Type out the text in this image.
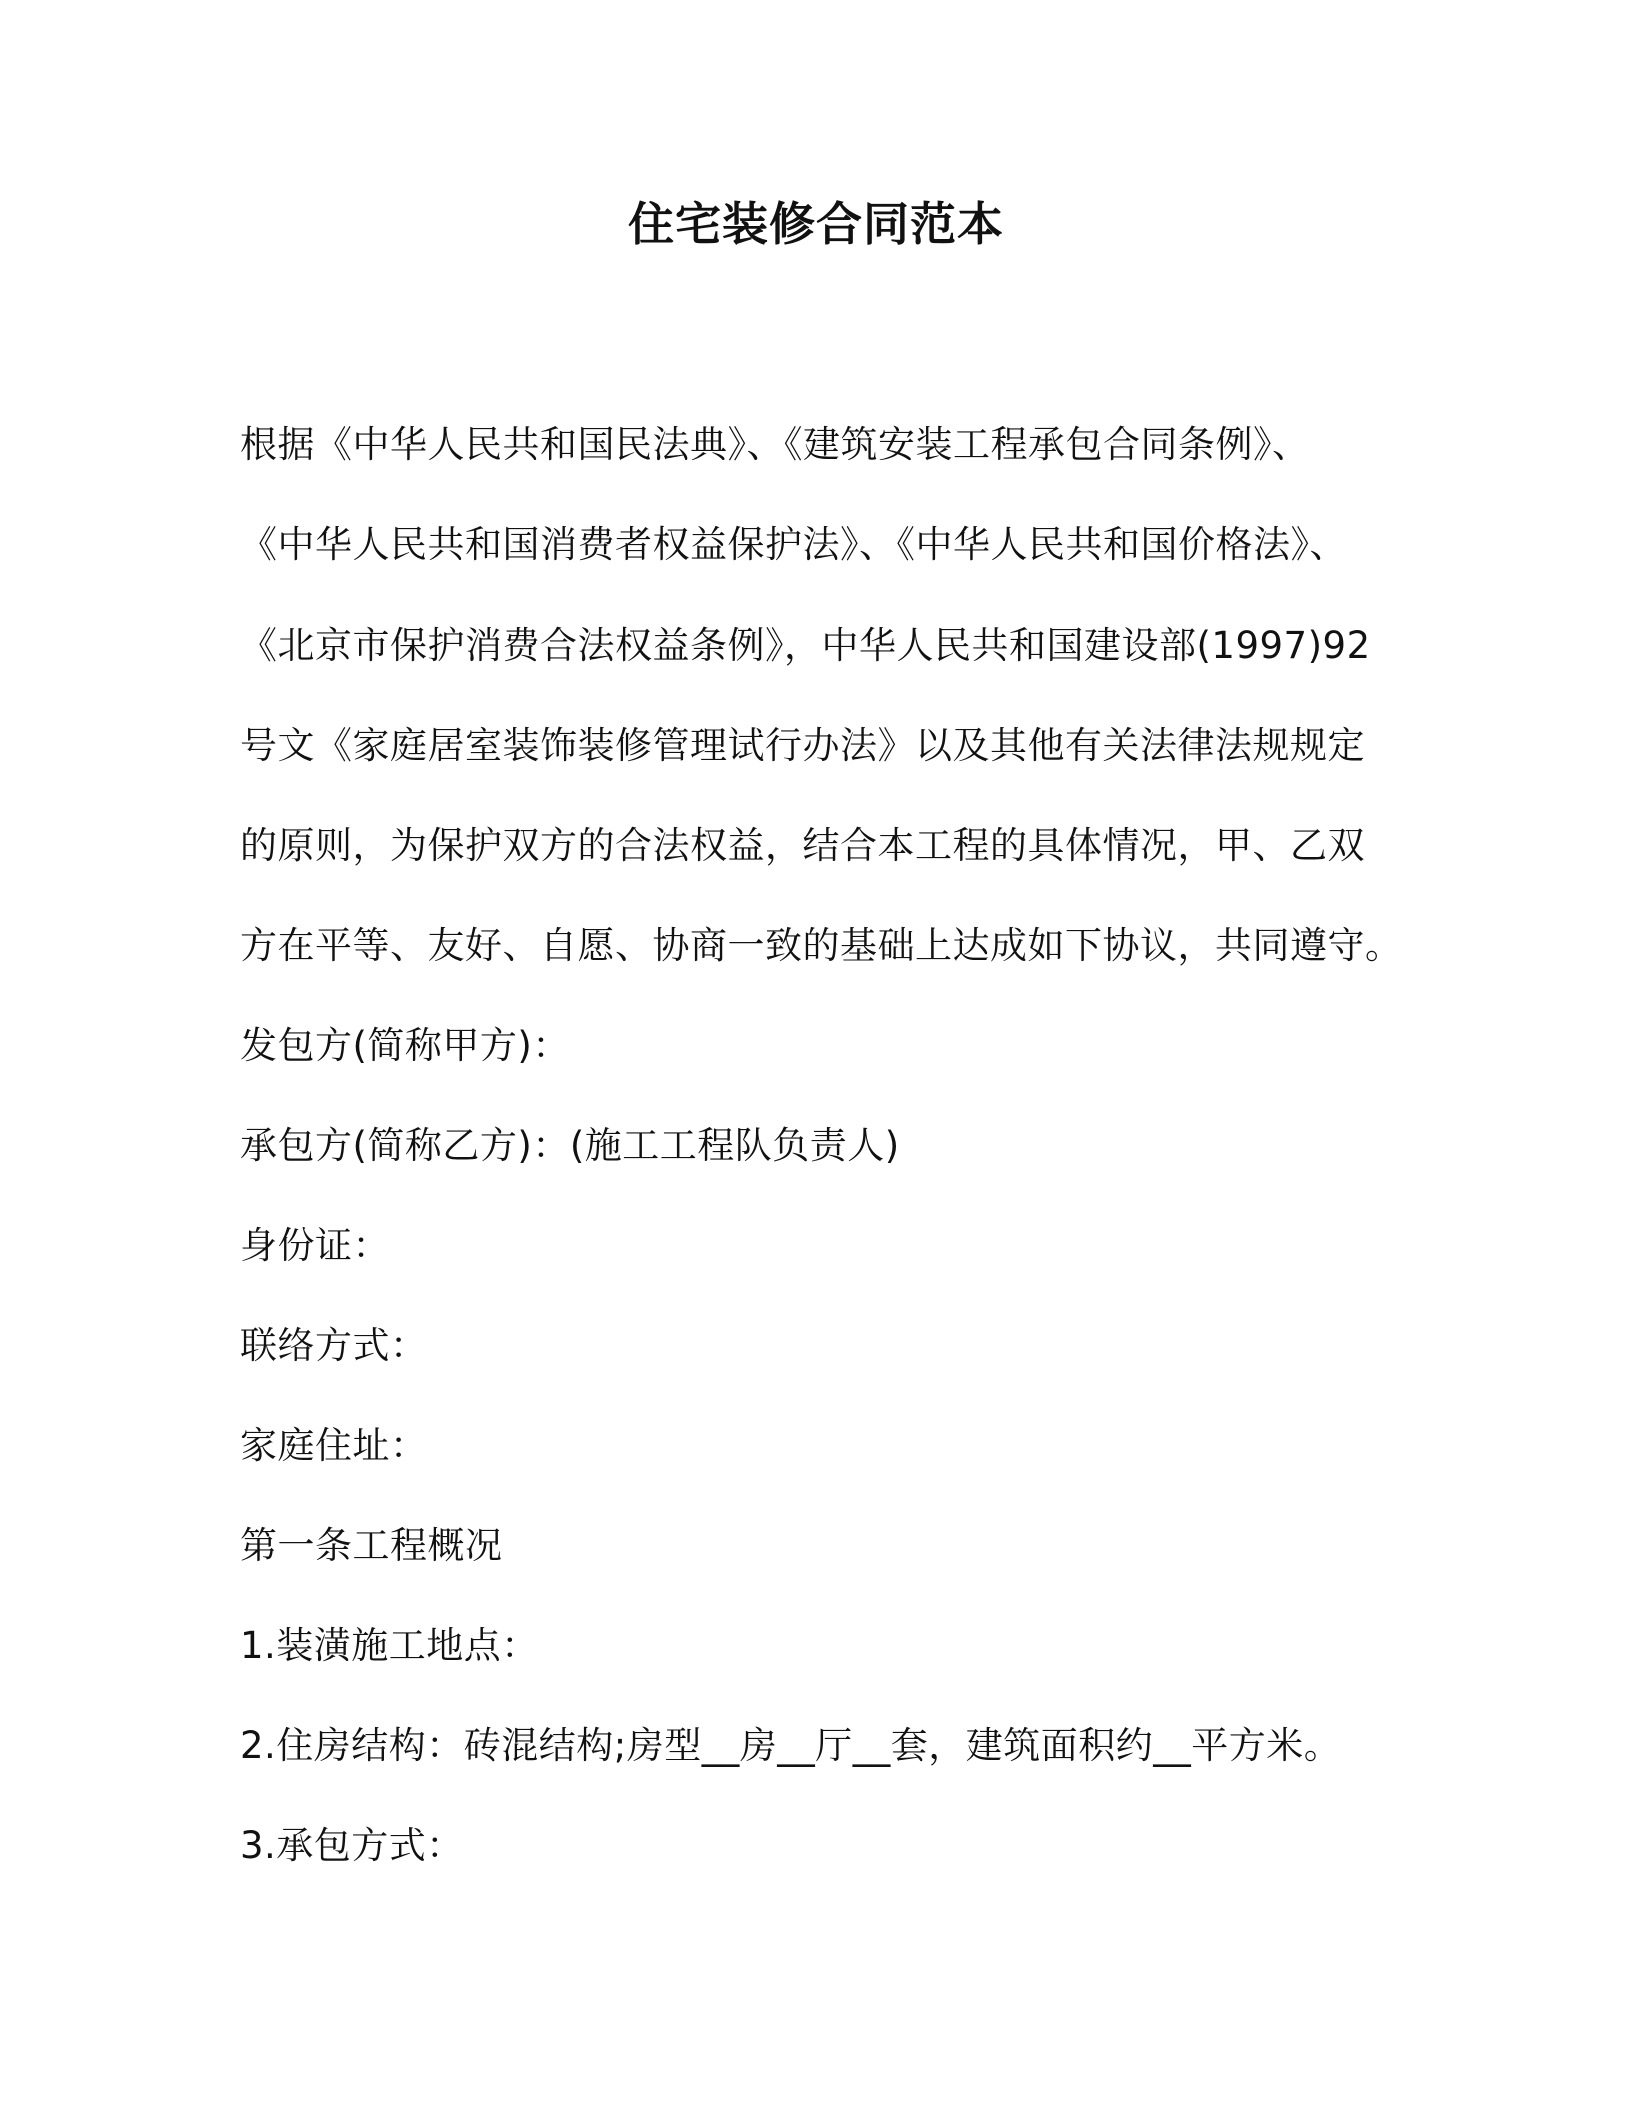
住宅装修合同范本
根据《中华人民共和国民法典》、《建筑安装工程承包合同条例》、
《中华人民共和国消费者权益保护法》、《中华人民共和国价格法》、
《北京市保护消费合法权益条例》，中华人民共和国建设部(1997)92
号文《家庭居室装饰装修管理试行办法》以及其他有关法律法规规定
的原则，为保护双方的合法权益，结合本工程的具体情况，甲、乙双
方在平等、友好、自愿、协商一致的基础上达成如下协议，共同遵守。
发包方(简称甲方)：
承包方(简称乙方)：(施工工程队负责人)
身份证：
联络方式：
家庭住址：
第一条工程概况
1.装潢施工地点：
2.住房结构：砖混结构;房型__房__厅__套，建筑面积约__平方米。
3.承包方式：
